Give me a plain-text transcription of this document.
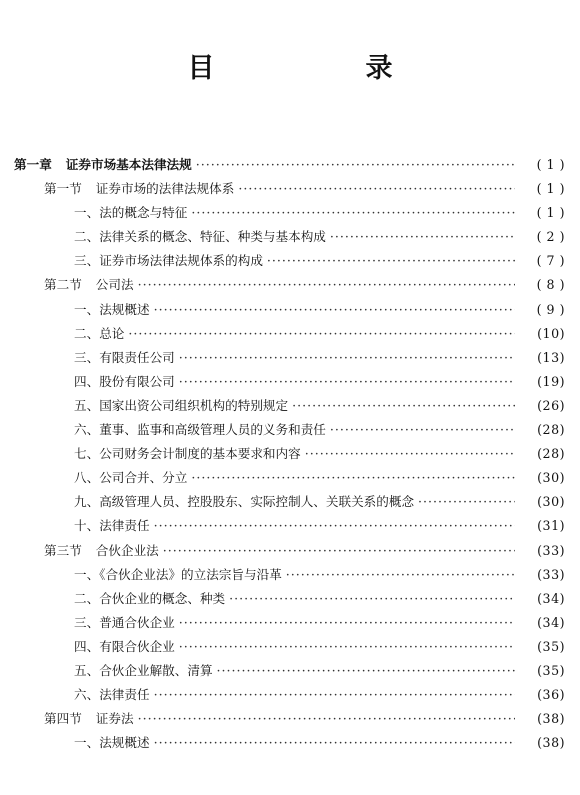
目　录
第一章 证券市场基本法律法规 ·····	( 1 )
第一节 证券市场的法律法规体系 ·····	( 1 )
一、法的概念与特征 ·····	( 1 )
二、法律关系的概念、特征、种类与基本构成 ·····	( 2 )
三、证券市场法律法规体系的构成 ·····	( 7 )
第二节 公司法 ·····	( 8 )
一、法规概述 ·····	( 9 )
二、总论 ·····	(10)
三、有限责任公司 ·····	(13)
四、股份有限公司 ·····	(19)
五、国家出资公司组织机构的特别规定 ·····	(26)
六、董事、监事和高级管理人员的义务和责任 ·····	(28)
七、公司财务会计制度的基本要求和内容 ·····	(28)
八、公司合并、分立 ·····	(30)
九、高级管理人员、控股股东、实际控制人、关联关系的概念 ·····	(30)
十、法律责任 ·····	(31)
第三节 合伙企业法 ·····	(33)
一、《合伙企业法》的立法宗旨与沿革 ·····	(33)
二、合伙企业的概念、种类 ·····	(34)
三、普通合伙企业 ·····	(34)
四、有限合伙企业 ·····	(35)
五、合伙企业解散、清算 ·····	(35)
六、法律责任 ·····	(36)
第四节 证券法 ·····	(38)
一、法规概述 ·····	(38)
